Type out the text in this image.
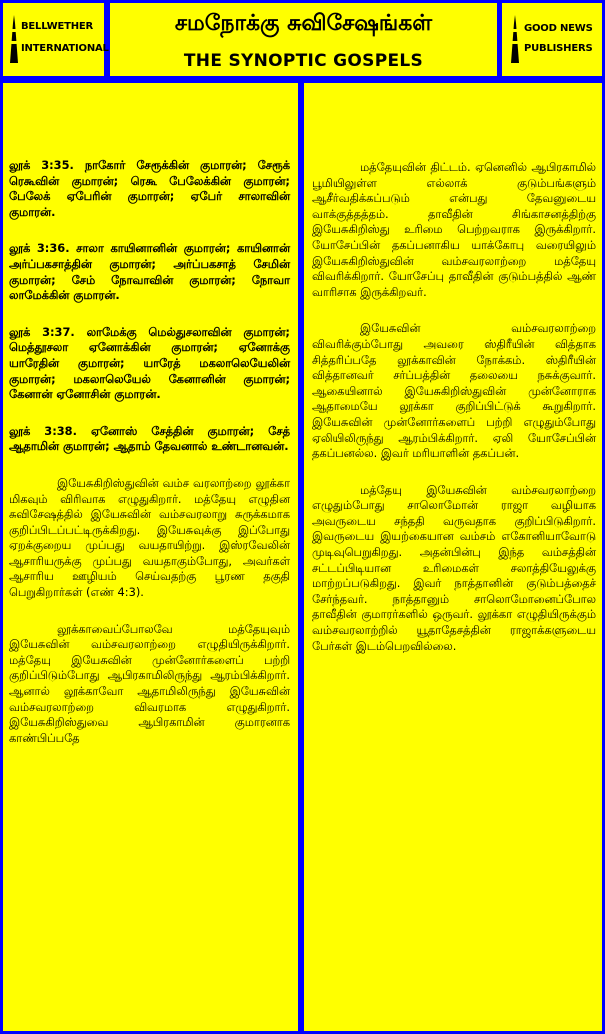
BELLWETHER
INTERNATIONAL
சமநோக்கு சுவிசேஷங்கள்
THE SYNOPTIC GOSPELS
GOOD NEWS
PUBLISHERS

லூக் 3:35. நாகோர் சேரூக்கின் குமாரன்; சேரூக் ரெகூவின் குமாரன்; ரெகூ பேலேக்கின் குமாரன்; பேலேக் ஏபேரின் குமாரன்; ஏபேர் சாலாவின் குமாரன்.

லூக் 3:36. சாலா காயினானின் குமாரன்; காயினான் அர்ப்பகசாத்தின் குமாரன்; அர்ப்பகசாத் சேமின் குமாரன்; சேம் நோவாவின் குமாரன்; நோவா லாமேக்கின் குமாரன்.

லூக் 3:37. லாமேக்கு மெல்துசலாவின் குமாரன்; மெத்தூசலா ஏனோக்கின் குமாரன்; ஏனோக்கு யாரேதின் குமாரன்; யாரேத் மகலாலெயேலின் குமாரன்; மகலாலெயேல் கேனானின் குமாரன்; கேனான் ஏனோசின் குமாரன்.

லூக் 3:38. ஏனோஸ் சேத்தின் குமாரன்; சேத் ஆதாமின் குமாரன்; ஆதாம் தேவனால் உண்டானவன்.

இயேசுகிறிஸ்துவின் வம்ச வரலாற்றை லூக்கா மிகவும் விரிவாக எழுதுகிறார். மத்தேயு எழுதின சுவிசேஷத்தில் இயேசுவின் வம்சவரலாறு சுருக்கமாக குறிப்பிடப்பட்டிருக்கிறது. இயேசுவுக்கு இப்போது ஏறக்குறைய முப்பது வயதாயிற்று. இஸ்ரவேலின் ஆசாரியருக்கு முப்பது வயதாகும்போது, அவர்கள் ஆசாரிய ஊழியம் செய்வதற்கு பூரண தகுதி பெறுகிறார்கள் (எண் 4:3).

லூக்காவைப்போலவே மத்தேயுவும் இயேசுவின் வம்சவரலாற்றை எழுதியிருக்கிறார். மத்தேயு இயேசுவின் முன்னோர்களைப் பற்றி குறிப்பிடும்போது ஆபிரகாமிலிருந்து ஆரம்பிக்கிறார். ஆனால் லூக்காவோ ஆதாமிலிருந்து இயேசுவின் வம்சவரலாற்றை விவரமாக எழுதுகிறார். இயேசுகிறிஸ்துவை ஆபிரகாமின் குமாரனாக காண்பிப்பதே

மத்தேயுவின் திட்டம். ஏனெனில் ஆபிரகாமில் பூமியிலுள்ள எல்லாக் குடும்பங்களும் ஆசீர்வதிக்கப்படும் என்பது தேவனுடைய வாக்குத்தத்தம். தாவீதின் சிங்காசனத்திற்கு இயேசுகிறிஸ்து உரிமை பெற்றவராக இருக்கிறார். யோசேப்பின் தகப்பனாகிய யாக்கோபு வரையிலும் இயேசுகிறிஸ்துவின் வம்சவரலாற்றை மத்தேயு விவரிக்கிறார். யோசேப்பு தாவீதின் குடும்பத்தில் ஆண் வாரிசாக இருக்கிறவர்.

இயேசுவின் வம்சவரலாற்றை விவரிக்கும்போது அவரை ஸ்திரீயின் வித்தாக சித்தரிப்பதே லூக்காவின் நோக்கம். ஸ்திரீயின் வித்தானவர் சர்ப்பத்தின் தலையை நசுக்குவார். ஆகையினால் இயேசுகிறிஸ்துவின் முன்னோராக ஆதாமையே லூக்கா குறிப்பிட்டுக் கூறுகிறார். இயேசுவின் முன்னோர்களைப் பற்றி எழுதும்போது ஏலியிலிருந்து ஆரம்பிக்கிறார். ஏலி யோசேப்பின் தகப்பனல்ல. இவர் மரியாளின் தகப்பன்.

மத்தேயு இயேசுவின் வம்சவரலாற்றை எழுதும்போது சாலொமோன் ராஜா வழியாக அவருடைய சந்ததி வருவதாக குறிப்பிடுகிறார். இவருடைய இயற்கையான வம்சம் எகோனியாவோடு முடிவுபெறுகிறது. அதன்பின்பு இந்த வம்சத்தின் சட்டப்பிடியான உரிமைகள் சலாத்தியேலுக்கு மாற்றப்படுகிறது. இவர் நாத்தானின் குடும்பத்தைச் சேர்ந்தவர். நாத்தானும் சாலொமோனைப்போல தாவீதின் குமாரர்களில் ஒருவர். லூக்கா எழுதியிருக்கும் வம்சவரலாற்றில் யூதாதேசத்தின் ராஜாக்களுடைய பேர்கள் இடம்பெறவில்லை.
